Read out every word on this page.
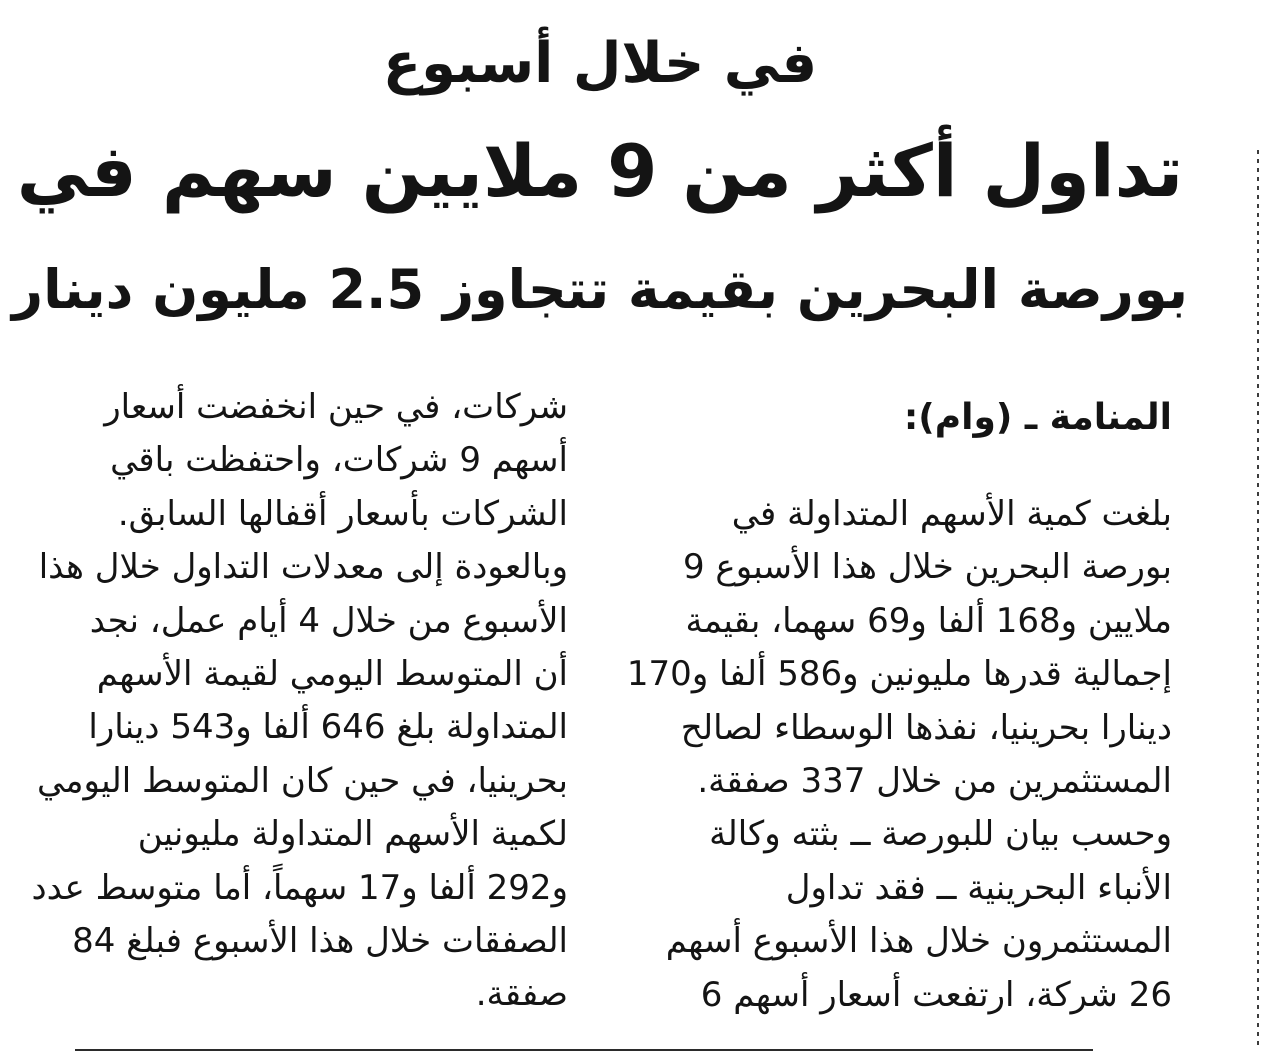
في خلال أسبوع
تداول أكثر من 9 ملايين سهم في
بورصة البحرين بقيمة تتجاوز 2.5 مليون دينار
المنامة ـ (وام):
بلغت كمية الأسهم المتداولة في
بورصة البحرين خلال هذا الأسبوع 9
ملايين و168 ألفا و69 سهما، بقيمة
إجمالية قدرها مليونين و586 ألفا و170
دينارا بحرينيا، نفذها الوسطاء لصالح
المستثمرين من خلال 337 صفقة.
وحسب بيان للبورصة ــ بثته وكالة
الأنباء البحرينية ــ فقد تداول
المستثمرون خلال هذا الأسبوع أسهم
26 شركة، ارتفعت أسعار أسهم 6
شركات، في حين انخفضت أسعار
أسهم 9 شركات، واحتفظت باقي
الشركات بأسعار أقفالها السابق.
وبالعودة إلى معدلات التداول خلال هذا
الأسبوع من خلال 4 أيام عمل، نجد
أن المتوسط اليومي لقيمة الأسهم
المتداولة بلغ 646 ألفا و543 دينارا
بحرينيا، في حين كان المتوسط اليومي
لكمية الأسهم المتداولة مليونين
و292 ألفا و17 سهماً، أما متوسط عدد
الصفقات خلال هذا الأسبوع فبلغ 84
صفقة.
